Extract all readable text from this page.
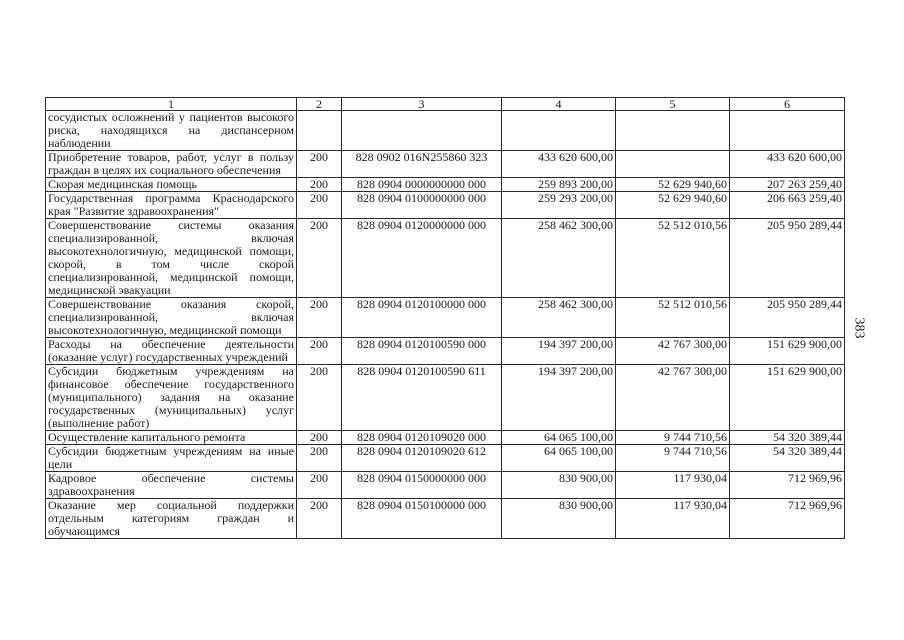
1	2	3	4	5	6
сосудистых осложнений у пациентов высокого риска, находящихся на диспансерном наблюдении					
Приобретение товаров, работ, услуг в пользу граждан в целях их социального обеспечения	200	828 0902 016N255860 323	433 620 600,00		433 620 600,00
Скорая медицинская помощь	200	828 0904 0000000000 000	259 893 200,00	52 629 940,60	207 263 259,40
Государственная программа Краснодарского края "Развитие здравоохранения"	200	828 0904 0100000000 000	259 293 200,00	52 629 940,60	206 663 259,40
Совершенствование системы оказания специализированной, включая высокотехнологичную, медицинской помощи, скорой, в том числе скорой специализированной, медицинской помощи, медицинской эвакуации	200	828 0904 0120000000 000	258 462 300,00	52 512 010,56	205 950 289,44
Совершенствование оказания скорой, специализированной, включая высокотехнологичную, медицинской помощи	200	828 0904 0120100000 000	258 462 300,00	52 512 010,56	205 950 289,44
Расходы на обеспечение деятельности (оказание услуг) государственных учреждений	200	828 0904 0120100590 000	194 397 200,00	42 767 300,00	151 629 900,00
Субсидии бюджетным учреждениям на финансовое обеспечение государственного (муниципального) задания на оказание государственных (муниципальных) услуг (выполнение работ)	200	828 0904 0120100590 611	194 397 200,00	42 767 300,00	151 629 900,00
Осуществление капитального ремонта	200	828 0904 0120109020 000	64 065 100,00	9 744 710,56	54 320 389,44
Субсидии бюджетным учреждениям на иные цели	200	828 0904 0120109020 612	64 065 100,00	9 744 710,56	54 320 389,44
Кадровое обеспечение системы здравоохранения	200	828 0904 0150000000 000	830 900,00	117 930,04	712 969,96
Оказание мер социальной поддержки отдельным категориям граждан и обучающимся	200	828 0904 0150100000 000	830 900,00	117 930,04	712 969,96
383
